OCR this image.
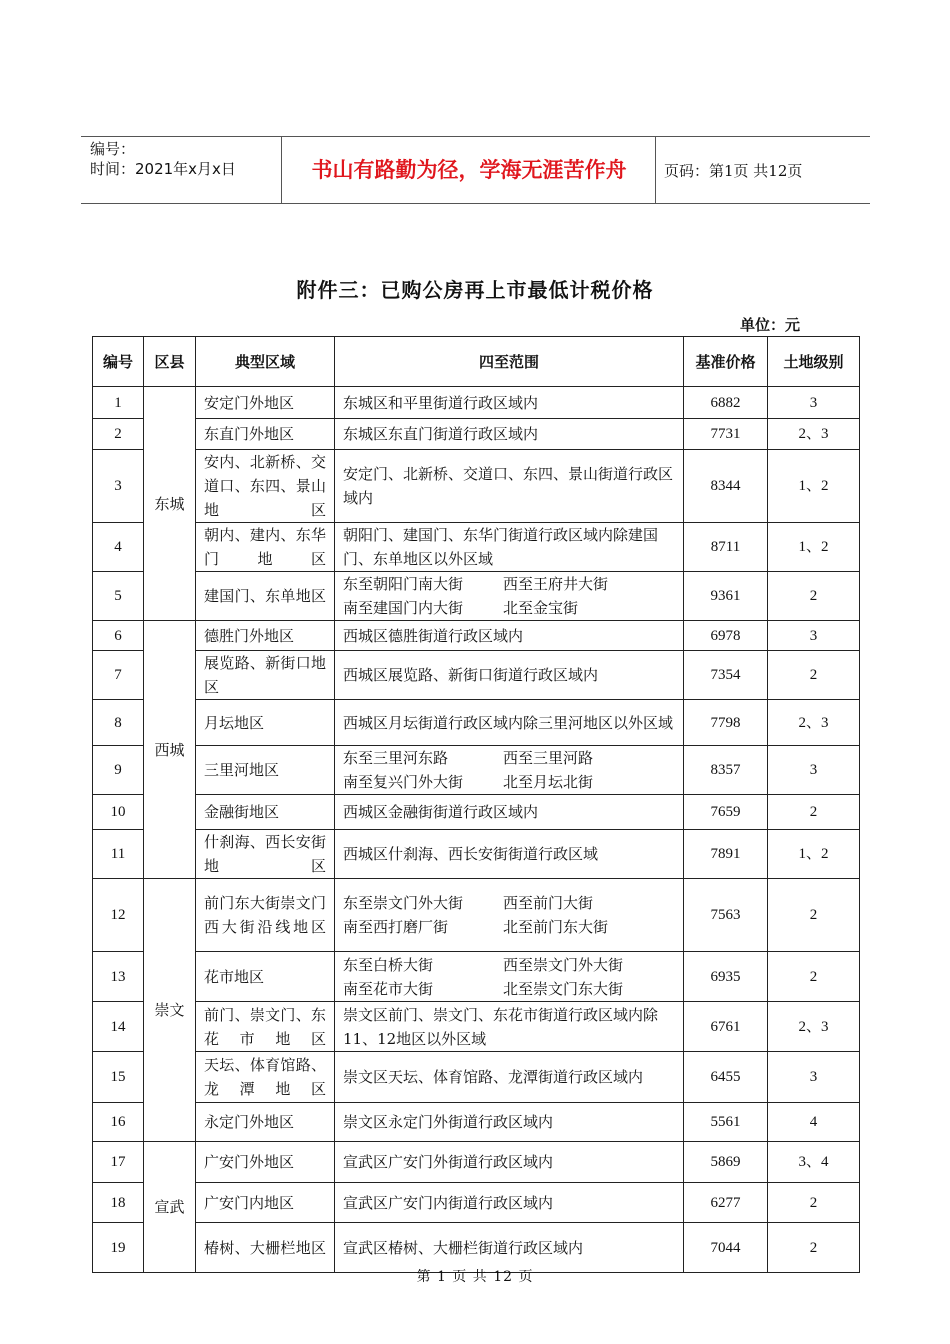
编号：
时间：2021年x月x日	书山有路勤为径，学海无涯苦作舟	页码：第1页 共12页
附件三：已购公房再上市最低计税价格
单位：元
编号	区县	典型区域	四至范围	基准价格	土地级别
1	东城	安定门外地区	东城区和平里街道行政区域内	6882	3
2		东直门外地区	东城区东直门街道行政区域内	7731	2、3
3		安内、北新桥、交道口、东四、景山地区	安定门、北新桥、交道口、东四、景山街道行政区域内	8344	1、2
4		朝内、建内、东华门地区	朝阳门、建国门、东华门街道行政区域内除建国门、东单地区以外区域	8711	1、2
5		建国门、东单地区	东至朝阳门南大街 西至王府井大街
南至建国门内大街 北至金宝街	9361	2
6	西城	德胜门外地区	西城区德胜街道行政区域内	6978	3
7		展览路、新街口地区	西城区展览路、新街口街道行政区域内	7354	2
8		月坛地区	西城区月坛街道行政区域内除三里河地区以外区域	7798	2、3
9		三里河地区	东至三里河东路 西至三里河路
南至复兴门外大街 北至月坛北街	8357	3
10		金融街地区	西城区金融街街道行政区域内	7659	2
11		什刹海、西长安街地区	西城区什刹海、西长安街街道行政区域	7891	1、2
12	崇文	前门东大街崇文门西大街沿线地区	东至崇文门外大街 西至前门大街
南至西打磨厂街 北至前门东大街	7563	2
13		花市地区	东至白桥大街 西至崇文门外大街
南至花市大街 北至崇文门东大街	6935	2
14		前门、崇文门、东花市地区	崇文区前门、崇文门、东花市街道行政区域内除11、12地区以外区域	6761	2、3
15		天坛、体育馆路、龙潭地区	崇文区天坛、体育馆路、龙潭街道行政区域内	6455	3
16		永定门外地区	崇文区永定门外街道行政区域内	5561	4
17	宣武	广安门外地区	宣武区广安门外街道行政区域内	5869	3、4
18		广安门内地区	宣武区广安门内街道行政区域内	6277	2
19		椿树、大栅栏地区	宣武区椿树、大栅栏街道行政区域内	7044	2
第 1 页 共 12 页
